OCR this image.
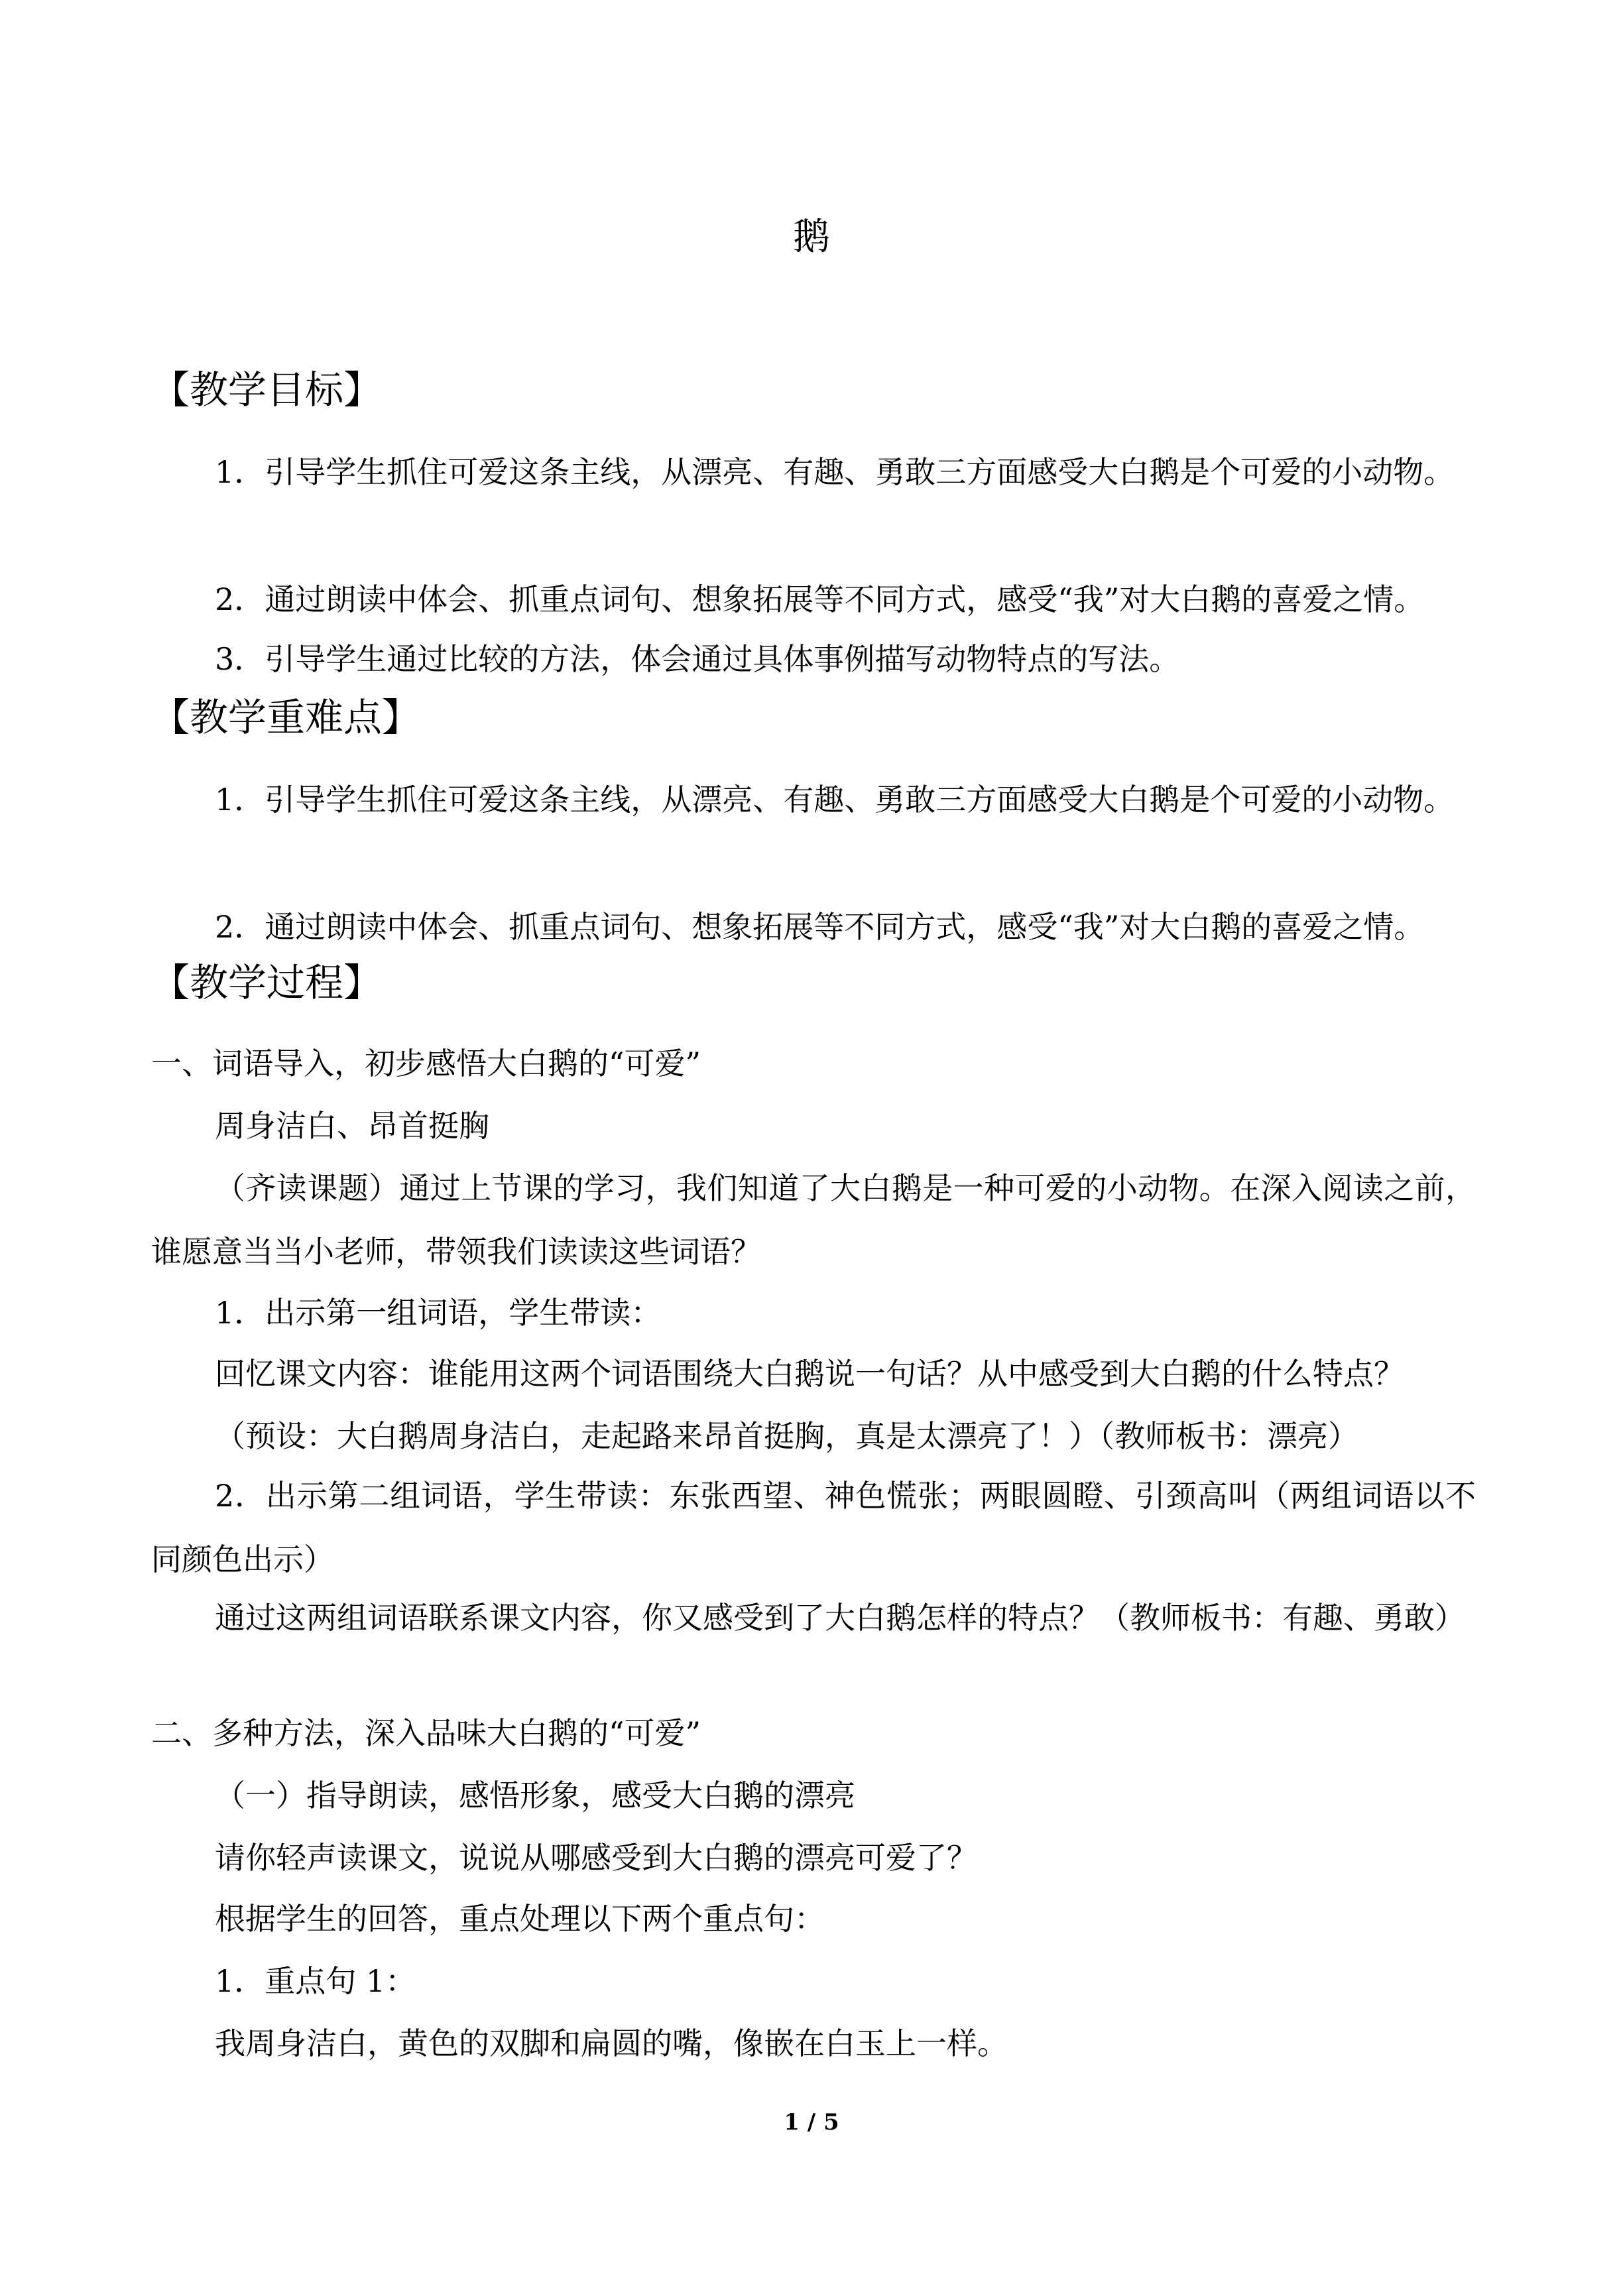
鹅
【教学目标】
1．引导学生抓住可爱这条主线，从漂亮、有趣、勇敢三方面感受大白鹅是个可爱的小动物。
2．通过朗读中体会、抓重点词句、想象拓展等不同方式，感受“我”对大白鹅的喜爱之情。
3．引导学生通过比较的方法，体会通过具体事例描写动物特点的写法。
【教学重难点】
1．引导学生抓住可爱这条主线，从漂亮、有趣、勇敢三方面感受大白鹅是个可爱的小动物。
2．通过朗读中体会、抓重点词句、想象拓展等不同方式，感受“我”对大白鹅的喜爱之情。
【教学过程】
一、词语导入，初步感悟大白鹅的“可爱”
周身洁白、昂首挺胸
（齐读课题）通过上节课的学习，我们知道了大白鹅是一种可爱的小动物。在深入阅读之前，谁愿意当当小老师，带领我们读读这些词语？
1．出示第一组词语，学生带读：
回忆课文内容：谁能用这两个词语围绕大白鹅说一句话？从中感受到大白鹅的什么特点？
（预设：大白鹅周身洁白，走起路来昂首挺胸，真是太漂亮了！）（教师板书：漂亮）
2．出示第二组词语，学生带读：东张西望、神色慌张；两眼圆瞪、引颈高叫（两组词语以不同颜色出示）
通过这两组词语联系课文内容，你又感受到了大白鹅怎样的特点？（教师板书：有趣、勇敢）
二、多种方法，深入品味大白鹅的“可爱”
（一）指导朗读，感悟形象，感受大白鹅的漂亮
请你轻声读课文，说说从哪感受到大白鹅的漂亮可爱了？
根据学生的回答，重点处理以下两个重点句：
1．重点句 1：
我周身洁白，黄色的双脚和扁圆的嘴，像嵌在白玉上一样。
1 / 5
